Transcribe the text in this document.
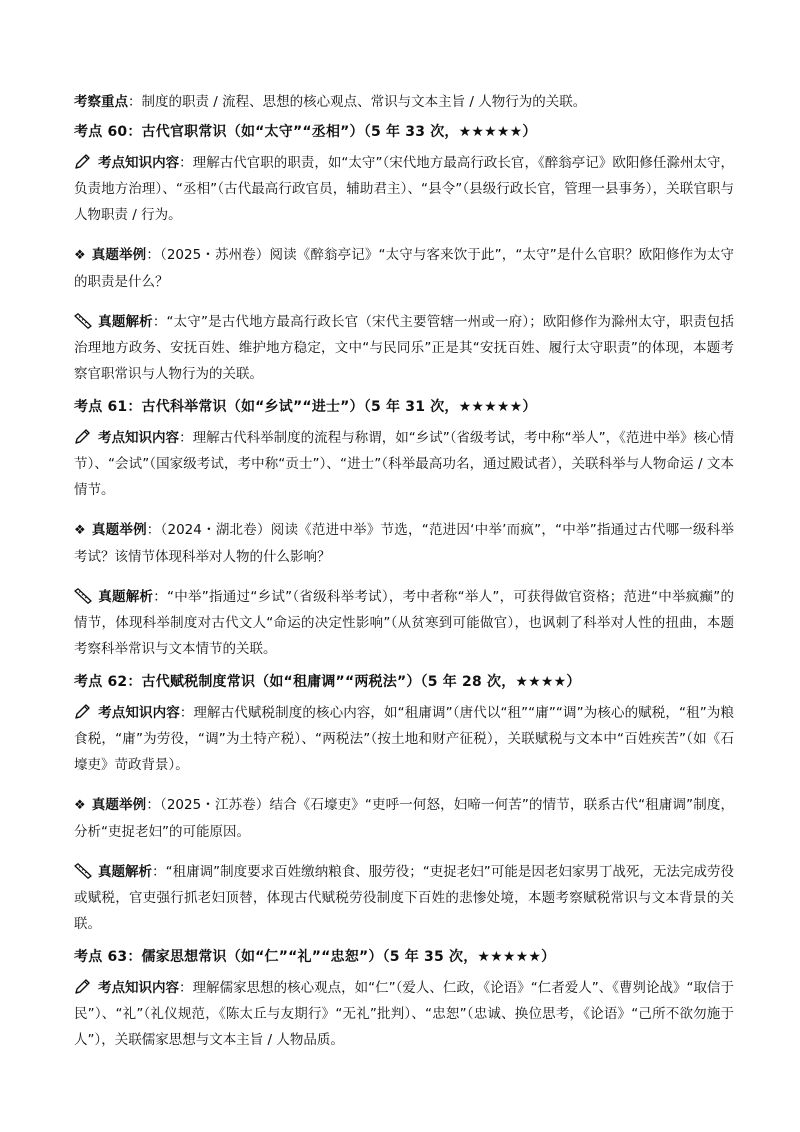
考察重点：制度的职责 / 流程、思想的核心观点、常识与文本主旨 / 人物行为的关联。

考点 60：古代官职常识（如“太守”“丞相”）（5 年 33 次，★★★★★）

考点知识内容：理解古代官职的职责，如“太守”（宋代地方最高行政长官，《醉翁亭记》欧阳修任滁州太守，负责地方治理）、“丞相”（古代最高行政官员，辅助君主）、“县令”（县级行政长官，管理一县事务），关联官职与人物职责 / 行为。

❖ 真题举例：（2025・苏州卷）阅读《醉翁亭记》“太守与客来饮于此”，“太守”是什么官职？欧阳修作为太守的职责是什么？

真题解析：“太守”是古代地方最高行政长官（宋代主要管辖一州或一府）；欧阳修作为滁州太守，职责包括治理地方政务、安抚百姓、维护地方稳定，文中“与民同乐”正是其“安抚百姓、履行太守职责”的体现，本题考察官职常识与人物行为的关联。

考点 61：古代科举常识（如“乡试”“进士”）（5 年 31 次，★★★★★）

考点知识内容：理解古代科举制度的流程与称谓，如“乡试”（省级考试，考中称“举人”，《范进中举》核心情节）、“会试”（国家级考试，考中称“贡士”）、“进士”（科举最高功名，通过殿试者），关联科举与人物命运 / 文本情节。

❖ 真题举例：（2024・湖北卷）阅读《范进中举》节选，“范进因‘中举’而疯”，“中举”指通过古代哪一级科举考试？该情节体现科举对人物的什么影响？

真题解析：“中举”指通过“乡试”（省级科举考试），考中者称“举人”，可获得做官资格；范进“中举疯癫”的情节，体现科举制度对古代文人“命运的决定性影响”（从贫寒到可能做官），也讽刺了科举对人性的扭曲，本题考察科举常识与文本情节的关联。

考点 62：古代赋税制度常识（如“租庸调”“两税法”）（5 年 28 次，★★★★）

考点知识内容：理解古代赋税制度的核心内容，如“租庸调”（唐代以“租”“庸”“调”为核心的赋税，“租”为粮食税，“庸”为劳役，“调”为土特产税）、“两税法”（按土地和财产征税），关联赋税与文本中“百姓疾苦”（如《石壕吏》苛政背景）。

❖ 真题举例：（2025・江苏卷）结合《石壕吏》“吏呼一何怒，妇啼一何苦”的情节，联系古代“租庸调”制度，分析“吏捉老妇”的可能原因。

真题解析：“租庸调”制度要求百姓缴纳粮食、服劳役；“吏捉老妇”可能是因老妇家男丁战死，无法完成劳役或赋税，官吏强行抓老妇顶替，体现古代赋税劳役制度下百姓的悲惨处境，本题考察赋税常识与文本背景的关联。

考点 63：儒家思想常识（如“仁”“礼”“忠恕”）（5 年 35 次，★★★★★）

考点知识内容：理解儒家思想的核心观点，如“仁”（爱人、仁政，《论语》“仁者爱人”、《曹刿论战》“取信于民”）、“礼”（礼仪规范，《陈太丘与友期行》“无礼”批判）、“忠恕”（忠诚、换位思考，《论语》“己所不欲勿施于人”），关联儒家思想与文本主旨 / 人物品质。
